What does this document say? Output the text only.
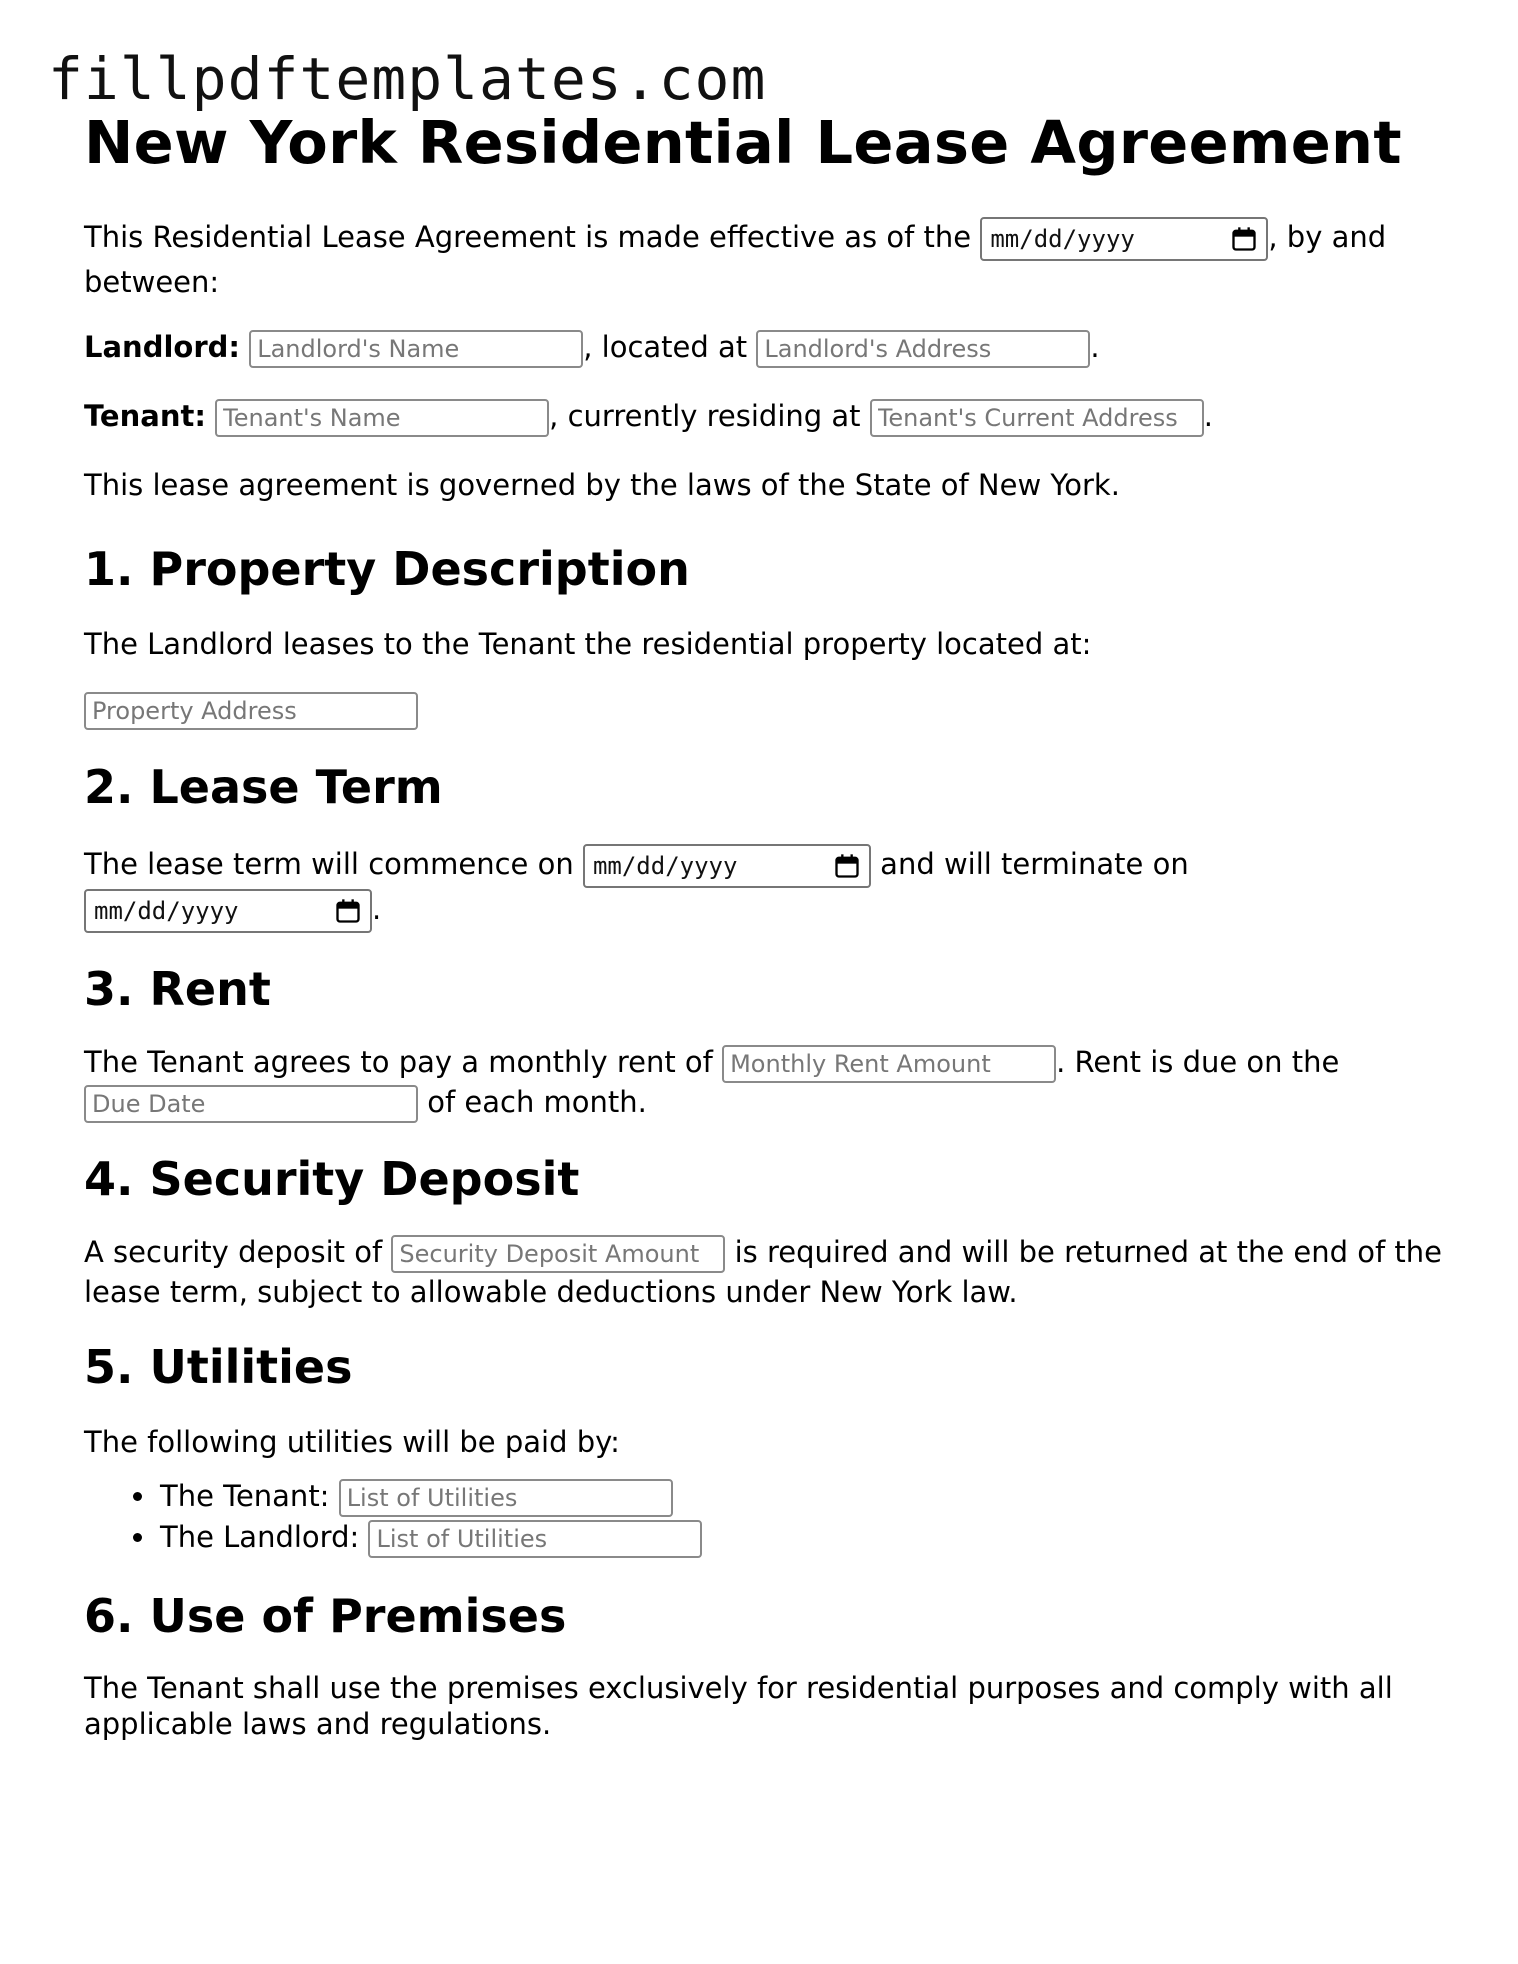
fillpdftemplates.com
New York Residential Lease Agreement

This Residential Lease Agreement is made effective as of the mm/dd/yyyy	, by and between:

Landlord: Landlord's Name	, located at Landlord's Address	.

Tenant: Tenant's Name	, currently residing at Tenant's Current Address	.

This lease agreement is governed by the laws of the State of New York.

1. Property Description

The Landlord leases to the Tenant the residential property located at:

Property Address

2. Lease Term

The lease term will commence on mm/dd/yyyy	and will terminate on
mm/dd/yyyy	.

3. Rent

The Tenant agrees to pay a monthly rent of Monthly Rent Amount	. Rent is due on the Due Date of each month.

4. Security Deposit

A security deposit of Security Deposit Amount	is required and will be returned at the end of the lease term, subject to allowable deductions under New York law.

5. Utilities

The following utilities will be paid by:

• The Tenant: List of Utilities
• The Landlord: List of Utilities
6. Use of Premises

The Tenant shall use the premises exclusively for residential purposes and comply with all applicable laws and regulations.
